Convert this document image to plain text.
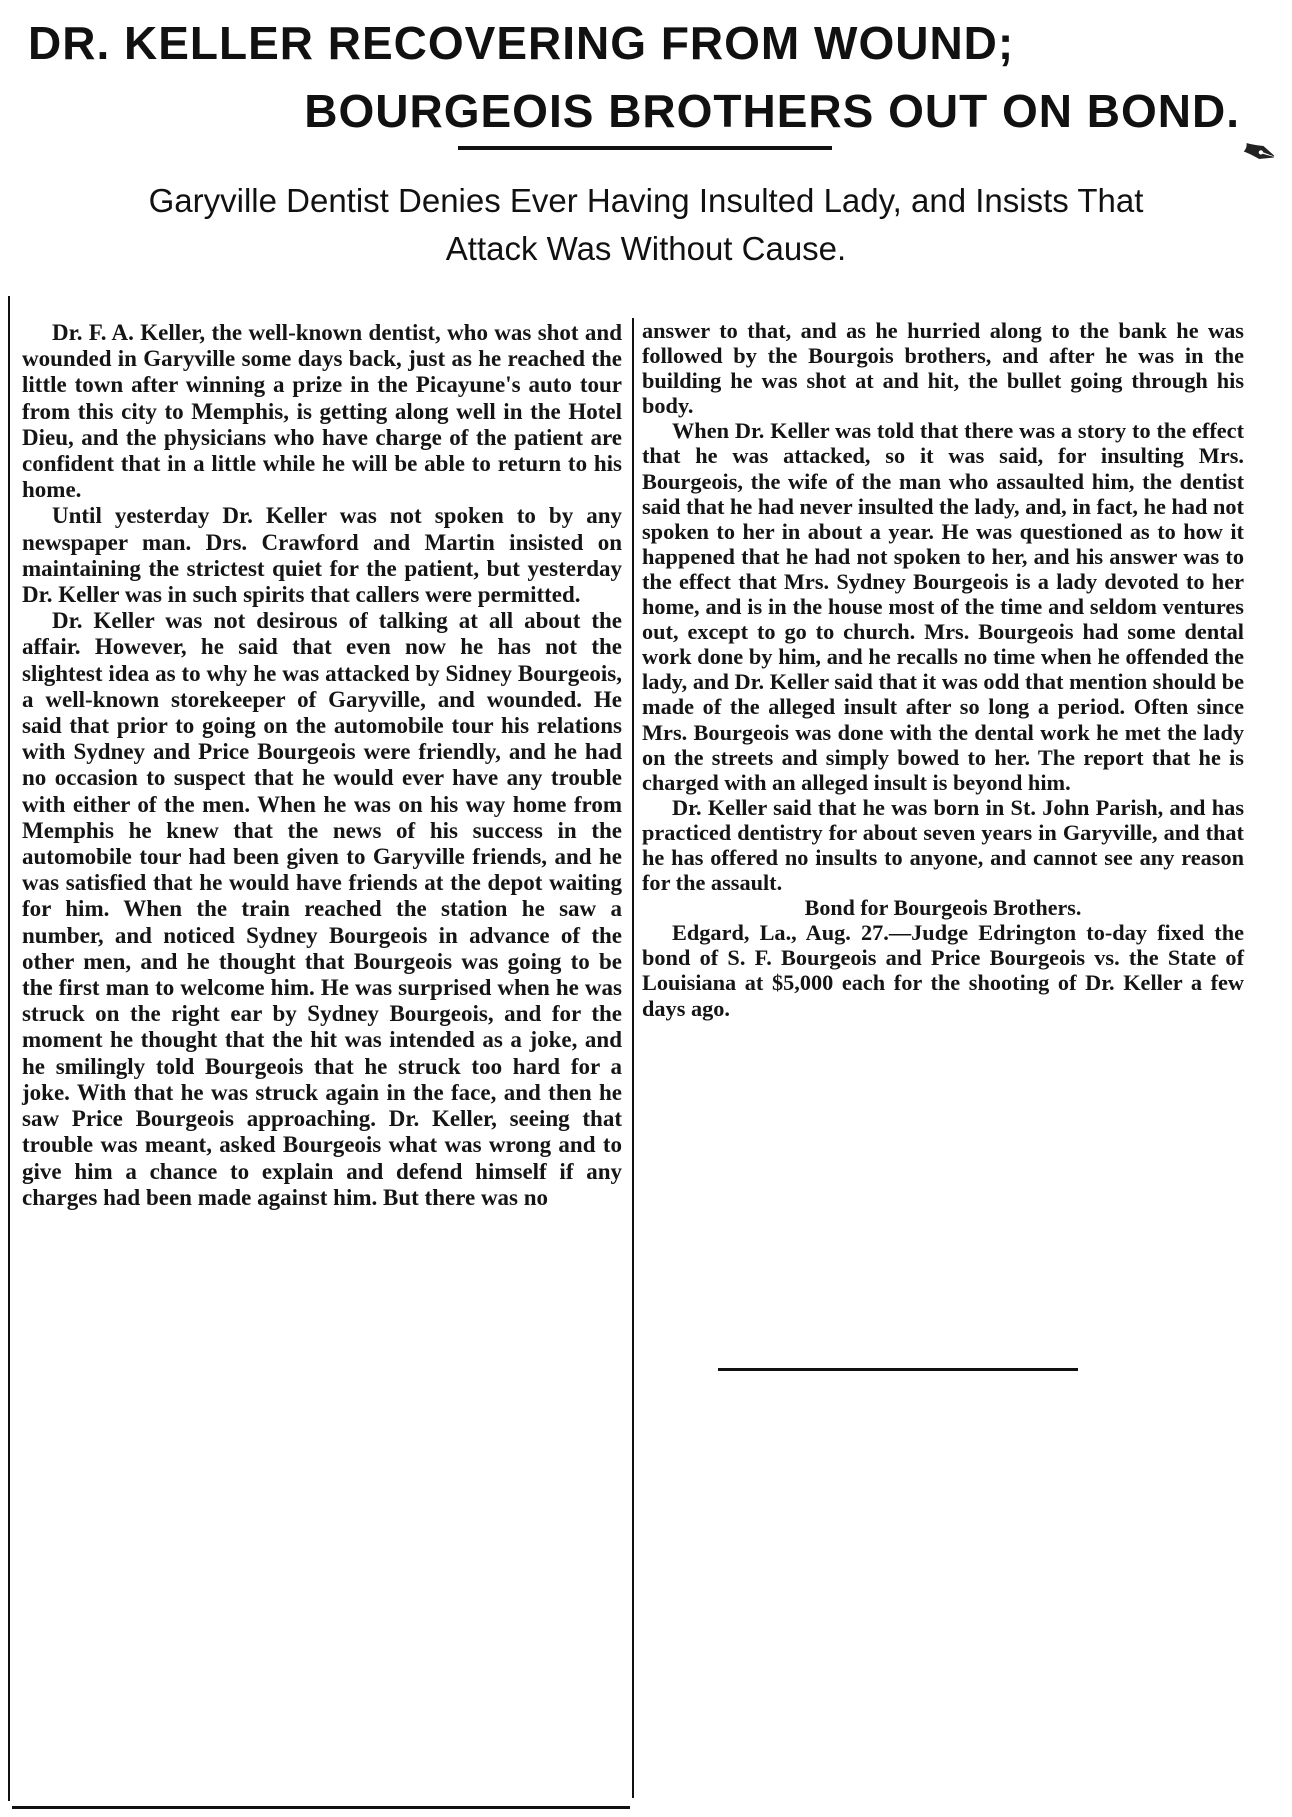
DR. KELLER RECOVERING FROM WOUND;
BOURGEOIS BROTHERS OUT ON BOND.
✒
Garyville Dentist Denies Ever Having Insulted Lady, and Insists That
Attack Was Without Cause.

Dr. F. A. Keller, the well-known dentist, who was shot and wounded in Garyville some days back, just as he reached the little town after winning a prize in the Picayune's auto tour from this city to Memphis, is getting along well in the Hotel Dieu, and the physicians who have charge of the patient are confident that in a little while he will be able to return to his home.

Until yesterday Dr. Keller was not spoken to by any newspaper man. Drs. Crawford and Martin insisted on maintaining the strictest quiet for the patient, but yesterday Dr. Keller was in such spirits that callers were permitted.

Dr. Keller was not desirous of talking at all about the affair. However, he said that even now he has not the slightest idea as to why he was attacked by Sidney Bourgeois, a well-known storekeeper of Garyville, and wounded. He said that prior to going on the automobile tour his relations with Sydney and Price Bourgeois were friendly, and he had no occasion to suspect that he would ever have any trouble with either of the men. When he was on his way home from Memphis he knew that the news of his success in the automobile tour had been given to Garyville friends, and he was satisfied that he would have friends at the depot waiting for him. When the train reached the station he saw a number, and noticed Sydney Bourgeois in advance of the other men, and he thought that Bourgeois was going to be the first man to welcome him. He was surprised when he was struck on the right ear by Sydney Bourgeois, and for the moment he thought that the hit was intended as a joke, and he smilingly told Bourgeois that he struck too hard for a joke. With that he was struck again in the face, and then he saw Price Bourgeois approaching. Dr. Keller, seeing that trouble was meant, asked Bourgeois what was wrong and to give him a chance to explain and defend himself if any charges had been made against him. But there was no

answer to that, and as he hurried along to the bank he was followed by the Bourgois brothers, and after he was in the building he was shot at and hit, the bullet going through his body.

When Dr. Keller was told that there was a story to the effect that he was attacked, so it was said, for insulting Mrs. Bourgeois, the wife of the man who assaulted him, the dentist said that he had never insulted the lady, and, in fact, he had not spoken to her in about a year. He was questioned as to how it happened that he had not spoken to her, and his answer was to the effect that Mrs. Sydney Bourgeois is a lady devoted to her home, and is in the house most of the time and seldom ventures out, except to go to church. Mrs. Bourgeois had some dental work done by him, and he recalls no time when he offended the lady, and Dr. Keller said that it was odd that mention should be made of the alleged insult after so long a period. Often since Mrs. Bourgeois was done with the dental work he met the lady on the streets and simply bowed to her. The report that he is charged with an alleged insult is beyond him.

Dr. Keller said that he was born in St. John Parish, and has practiced dentistry for about seven years in Garyville, and that he has offered no insults to anyone, and cannot see any reason for the assault.

Bond for Bourgeois Brothers.

Edgard, La., Aug. 27.—Judge Edrington to-day fixed the bond of S. F. Bourgeois and Price Bourgeois vs. the State of Louisiana at $5,000 each for the shooting of Dr. Keller a few days ago.
